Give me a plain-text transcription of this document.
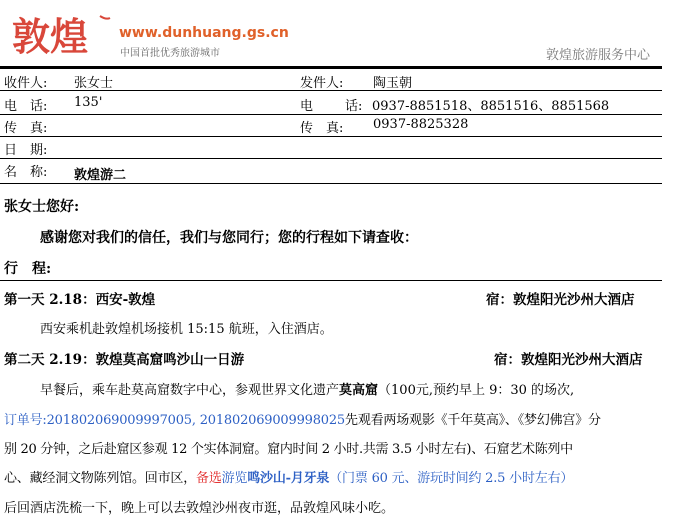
敦煌 www.dunhuang.gs.cn
中国首批优秀旅游城市	敦煌旅游服务中心
收件人: 张女士	发件人: 陶玉朝
电　话: 135'	电 话: 0937-8851518、8851516、8851568
传　真:	传　真: 0937-8825328
日　期:
名　称: 敦煌游二
张女士您好:
感谢您对我们的信任，我们与您同行；您的行程如下请查收：
行　程:
第一天 2.18：西安-敦煌	宿：敦煌阳光沙州大酒店
西安乘机赴敦煌机场接机 15:15 航班，入住酒店。
第二天 2.19：敦煌莫高窟鸣沙山一日游	宿：敦煌阳光沙州大酒店
早餐后，乘车赴莫高窟数字中心，参观世界文化遗产莫高窟（100元,预约早上 9：30 的场次,
订单号:20180206900999700​5, 20180206900999802​5先观看两场观影《千年莫高》、《梦幻佛宫》分
别 20 分钟，之后赴窟区参观 12 个实体洞窟。窟内时间 2 小时.共需 3.5 小时左右)、石窟艺术陈列中
心、藏经洞文物陈列馆。回市区，备选游览鸣沙山-月牙泉（门票 60 元、游玩时间约 2.5 小时左右）
后回酒店洗梳一下，晚上可以去敦煌沙州夜市逛，品敦煌风味小吃。
